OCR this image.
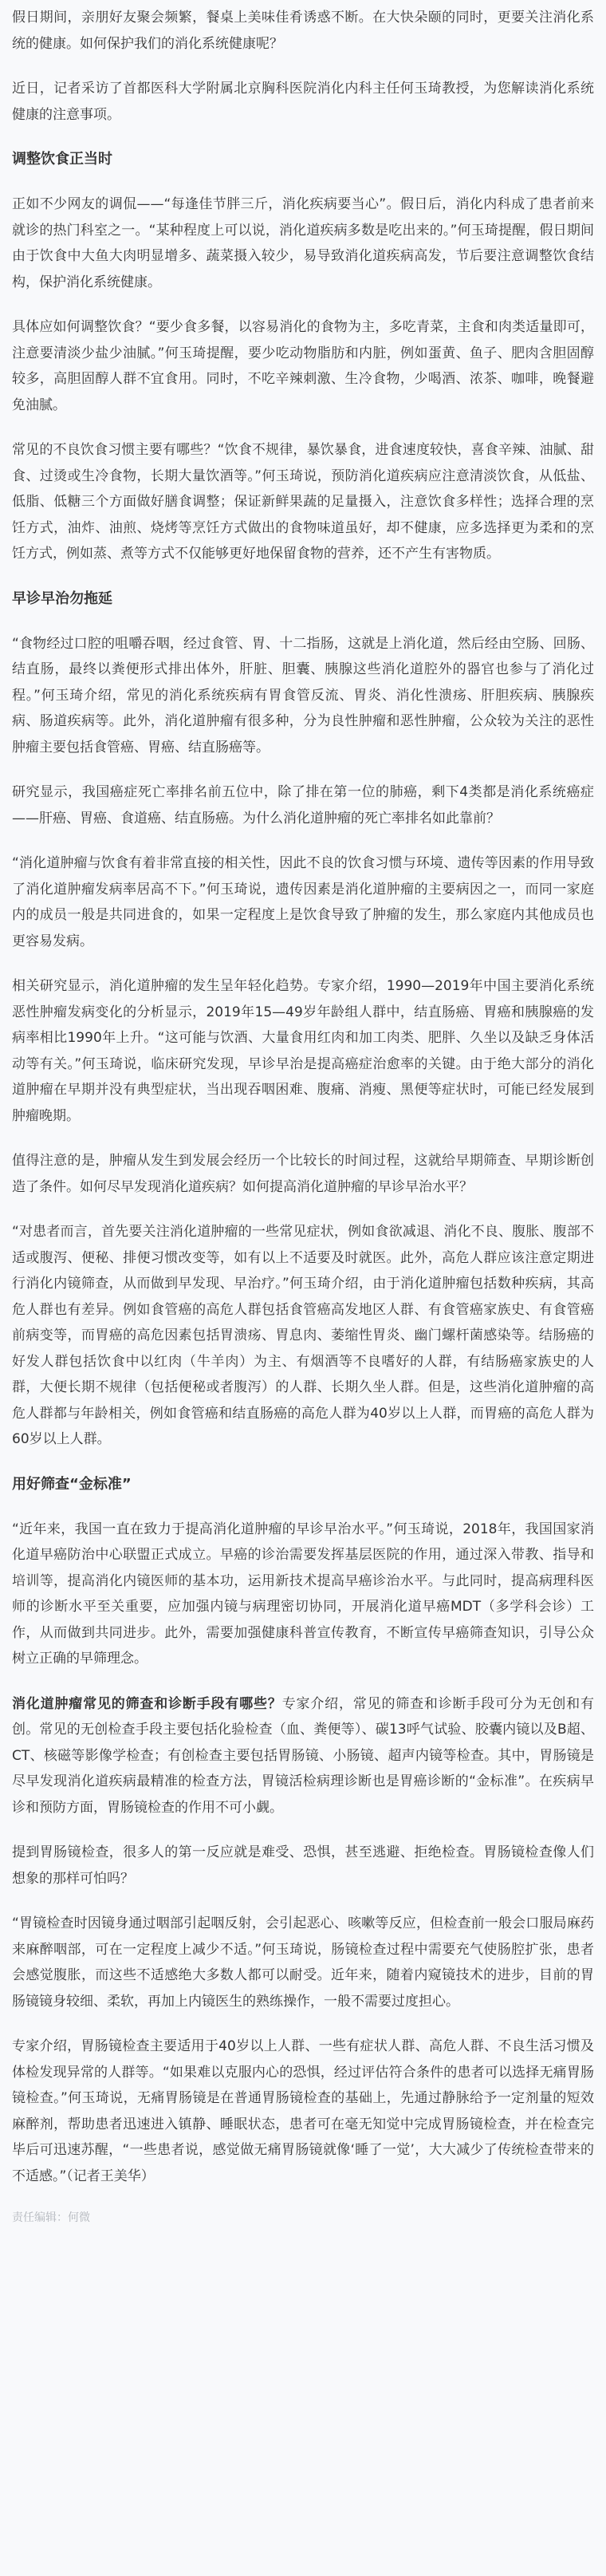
假日期间，亲朋好友聚会频繁，餐桌上美味佳肴诱惑不断。在大快朵颐的同时，更要关注消化系统的健康。如何保护我们的消化系统健康呢？

近日，记者采访了首都医科大学附属北京胸科医院消化内科主任何玉琦教授，为您解读消化系统健康的注意事项。

调整饮食正当时

正如不少网友的调侃——“每逢佳节胖三斤，消化疾病要当心”。假日后，消化内科成了患者前来就诊的热门科室之一。“某种程度上可以说，消化道疾病多数是吃出来的。”何玉琦提醒，假日期间由于饮食中大鱼大肉明显增多、蔬菜摄入较少，易导致消化道疾病高发，节后要注意调整饮食结构，保护消化系统健康。

具体应如何调整饮食？“要少食多餐，以容易消化的食物为主，多吃青菜，主食和肉类适量即可，注意要清淡少盐少油腻。”何玉琦提醒，要少吃动物脂肪和内脏，例如蛋黄、鱼子、肥肉含胆固醇较多，高胆固醇人群不宜食用。同时，不吃辛辣刺激、生冷食物，少喝酒、浓茶、咖啡，晚餐避免油腻。

常见的不良饮食习惯主要有哪些？“饮食不规律，暴饮暴食，进食速度较快，喜食辛辣、油腻、甜食、过烫或生冷食物，长期大量饮酒等。”何玉琦说，预防消化道疾病应注意清淡饮食，从低盐、低脂、低糖三个方面做好膳食调整；保证新鲜果蔬的足量摄入，注意饮食多样性；选择合理的烹饪方式，油炸、油煎、烧烤等烹饪方式做出的食物味道虽好，却不健康，应多选择更为柔和的烹饪方式，例如蒸、煮等方式不仅能够更好地保留食物的营养，还不产生有害物质。

早诊早治勿拖延

“食物经过口腔的咀嚼吞咽，经过食管、胃、十二指肠，这就是上消化道，然后经由空肠、回肠、结直肠，最终以粪便形式排出体外，肝脏、胆囊、胰腺这些消化道腔外的器官也参与了消化过程。”何玉琦介绍，常见的消化系统疾病有胃食管反流、胃炎、消化性溃疡、肝胆疾病、胰腺疾病、肠道疾病等。此外，消化道肿瘤有很多种，分为良性肿瘤和恶性肿瘤，公众较为关注的恶性肿瘤主要包括食管癌、胃癌、结直肠癌等。

研究显示，我国癌症死亡率排名前五位中，除了排在第一位的肺癌，剩下4类都是消化系统癌症——肝癌、胃癌、食道癌、结直肠癌。为什么消化道肿瘤的死亡率排名如此靠前？

“消化道肿瘤与饮食有着非常直接的相关性，因此不良的饮食习惯与环境、遗传等因素的作用导致了消化道肿瘤发病率居高不下。”何玉琦说，遗传因素是消化道肿瘤的主要病因之一，而同一家庭内的成员一般是共同进食的，如果一定程度上是饮食导致了肿瘤的发生，那么家庭内其他成员也更容易发病。

相关研究显示，消化道肿瘤的发生呈年轻化趋势。专家介绍，1990—2019年中国主要消化系统恶性肿瘤发病变化的分析显示，2019年15—49岁年龄组人群中，结直肠癌、胃癌和胰腺癌的发病率相比1990年上升。“这可能与饮酒、大量食用红肉和加工肉类、肥胖、久坐以及缺乏身体活动等有关。”何玉琦说，临床研究发现，早诊早治是提高癌症治愈率的关键。由于绝大部分的消化道肿瘤在早期并没有典型症状，当出现吞咽困难、腹痛、消瘦、黑便等症状时，可能已经发展到肿瘤晚期。

值得注意的是，肿瘤从发生到发展会经历一个比较长的时间过程，这就给早期筛查、早期诊断创造了条件。如何尽早发现消化道疾病？如何提高消化道肿瘤的早诊早治水平？

“对患者而言，首先要关注消化道肿瘤的一些常见症状，例如食欲减退、消化不良、腹胀、腹部不适或腹泻、便秘、排便习惯改变等，如有以上不适要及时就医。此外，高危人群应该注意定期进行消化内镜筛查，从而做到早发现、早治疗。”何玉琦介绍，由于消化道肿瘤包括数种疾病，其高危人群也有差异。例如食管癌的高危人群包括食管癌高发地区人群、有食管癌家族史、有食管癌前病变等，而胃癌的高危因素包括胃溃疡、胃息肉、萎缩性胃炎、幽门螺杆菌感染等。结肠癌的好发人群包括饮食中以红肉（牛羊肉）为主、有烟酒等不良嗜好的人群，有结肠癌家族史的人群，大便长期不规律（包括便秘或者腹泻）的人群、长期久坐人群。但是，这些消化道肿瘤的高危人群都与年龄相关，例如食管癌和结直肠癌的高危人群为40岁以上人群，而胃癌的高危人群为60岁以上人群。

用好筛查“金标准”

“近年来，我国一直在致力于提高消化道肿瘤的早诊早治水平。”何玉琦说，2018年，我国国家消化道早癌防治中心联盟正式成立。早癌的诊治需要发挥基层医院的作用，通过深入带教、指导和培训等，提高消化内镜医师的基本功，运用新技术提高早癌诊治水平。与此同时，提高病理科医师的诊断水平至关重要，应加强内镜与病理密切协同，开展消化道早癌MDT（多学科会诊）工作，从而做到共同进步。此外，需要加强健康科普宣传教育，不断宣传早癌筛查知识，引导公众树立正确的早筛理念。

消化道肿瘤常见的筛查和诊断手段有哪些？专家介绍，常见的筛查和诊断手段可分为无创和有创。常见的无创检查手段主要包括化验检查（血、粪便等）、碳13呼气试验、胶囊内镜以及B超、CT、核磁等影像学检查；有创检查主要包括胃肠镜、小肠镜、超声内镜等检查。其中，胃肠镜是尽早发现消化道疾病最精准的检查方法，胃镜活检病理诊断也是胃癌诊断的“金标准”。在疾病早诊和预防方面，胃肠镜检查的作用不可小觑。

提到胃肠镜检查，很多人的第一反应就是难受、恐惧，甚至逃避、拒绝检查。胃肠镜检查像人们想象的那样可怕吗？

“胃镜检查时因镜身通过咽部引起咽反射，会引起恶心、咳嗽等反应，但检查前一般会口服局麻药来麻醉咽部，可在一定程度上减少不适。”何玉琦说，肠镜检查过程中需要充气使肠腔扩张，患者会感觉腹胀，而这些不适感绝大多数人都可以耐受。近年来，随着内窥镜技术的进步，目前的胃肠镜镜身较细、柔软，再加上内镜医生的熟练操作，一般不需要过度担心。

专家介绍，胃肠镜检查主要适用于40岁以上人群、一些有症状人群、高危人群、不良生活习惯及体检发现异常的人群等。“如果难以克服内心的恐惧，经过评估符合条件的患者可以选择无痛胃肠镜检查。”何玉琦说，无痛胃肠镜是在普通胃肠镜检查的基础上，先通过静脉给予一定剂量的短效麻醉剂，帮助患者迅速进入镇静、睡眠状态，患者可在毫无知觉中完成胃肠镜检查，并在检查完毕后可迅速苏醒，“一些患者说，感觉做无痛胃肠镜就像‘睡了一觉’，大大减少了传统检查带来的不适感。”（记者王美华）

责任编辑：何微
